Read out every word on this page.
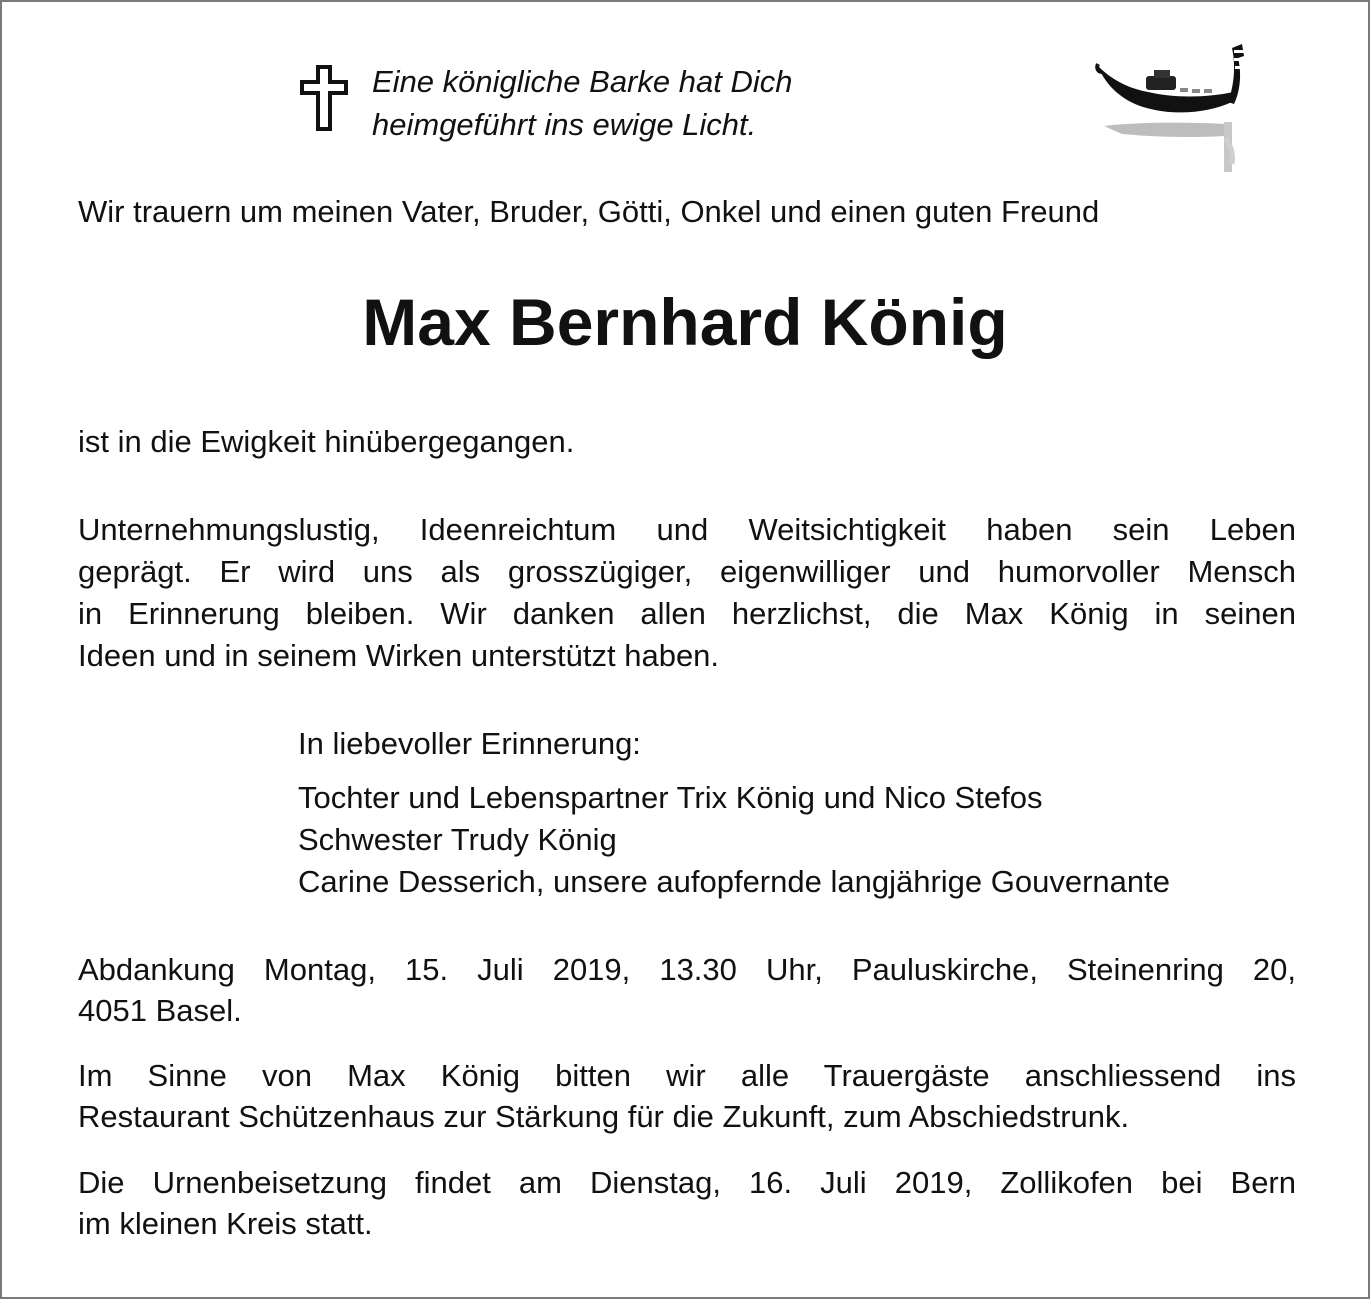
Eine königliche Barke hat Dich
heimgeführt ins ewige Licht.
Wir trauern um meinen Vater, Bruder, Götti, Onkel und einen guten Freund
Max Bernhard König
ist in die Ewigkeit hinübergegangen.
Unternehmungslustig, Ideenreichtum und Weitsichtigkeit haben sein Leben
geprägt. Er wird uns als grosszügiger, eigenwilliger und humorvoller Mensch
in Erinnerung bleiben. Wir danken allen herzlichst, die Max König in seinen
Ideen und in seinem Wirken unterstützt haben.
In liebevoller Erinnerung:
Tochter und Lebenspartner Trix König und Nico Stefos
Schwester Trudy König
Carine Desserich, unsere aufopfernde langjährige Gouvernante
Abdankung Montag, 15. Juli 2019, 13.30 Uhr, Pauluskirche, Steinenring 20,
4051 Basel.
Im Sinne von Max König bitten wir alle Trauergäste anschliessend ins
Restaurant Schützenhaus zur Stärkung für die Zukunft, zum Abschiedstrunk.
Die Urnenbeisetzung findet am Dienstag, 16. Juli 2019, Zollikofen bei Bern
im kleinen Kreis statt.
